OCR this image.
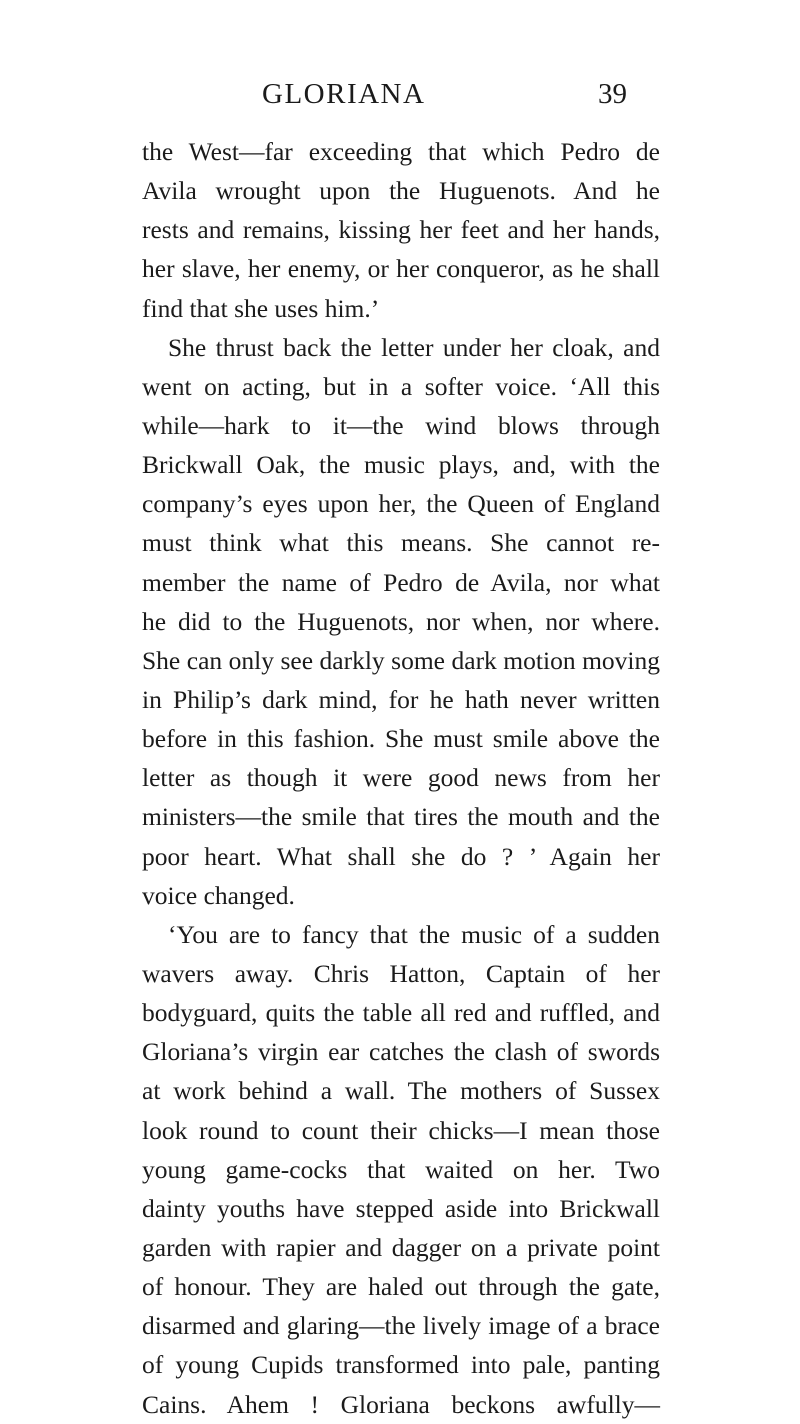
GLORIANA	39
the West—far exceeding that which Pedro de
Avila wrought upon the Huguenots. And he
rests and remains, kissing her feet and her hands,
her slave, her enemy, or her conqueror, as he shall
find that she uses him.’
She thrust back the letter under her cloak, and
went on acting, but in a softer voice. ‘All this
while—hark to it—the wind blows through
Brickwall Oak, the music plays, and, with the
company’s eyes upon her, the Queen of England
must think what this means. She cannot re-
member the name of Pedro de Avila, nor what
he did to the Huguenots, nor when, nor where.
She can only see darkly some dark motion moving
in Philip’s dark mind, for he hath never written
before in this fashion. She must smile above the
letter as though it were good news from her
ministers—the smile that tires the mouth and the
poor heart. What shall she do ? ’ Again her
voice changed.
‘You are to fancy that the music of a sudden
wavers away. Chris Hatton, Captain of her
bodyguard, quits the table all red and ruffled, and
Gloriana’s virgin ear catches the clash of swords
at work behind a wall. The mothers of Sussex
look round to count their chicks—I mean those
young game-cocks that waited on her. Two
dainty youths have stepped aside into Brickwall
garden with rapier and dagger on a private point
of honour. They are haled out through the gate,
disarmed and glaring—the lively image of a brace
of young Cupids transformed into pale, panting
Cains. Ahem ! Gloriana beckons awfully—
